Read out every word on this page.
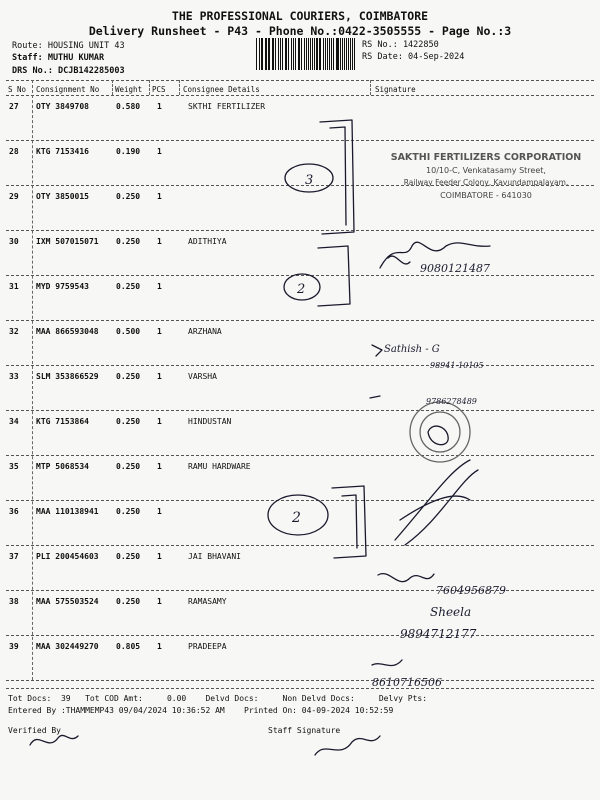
THE PROFESSIONAL COURIERS, COIMBATORE
Delivery Runsheet - P43 - Phone No.:0422-3505555 - Page No.:3
Route: HOUSING UNIT 43
Staff: MUTHU KUMAR
DRS No.: DCJB142285003
RS No.: 1422850
RS Date: 04-Sep-2024
S No Consignment No Weight PCS Consignee Details	Signature
27 OTY 3849708	0.580 1	SKTHI FERTILIZER
28 KTG 7153416	0.190 1
29 OTY 3850015	0.250 1
30 IXM 507015071 0.250 1	ADITHIYA
31 MYD 9759543	0.250 1
32 MAA 866593048 0.500 1	ARZHANA
33 SLM 353866529 0.250 1	VARSHA
34 KTG 7153864	0.250 1	HINDUSTAN
35 MTP 5068534	0.250 1	RAMU HARDWARE
36 MAA 110138941 0.250 1
37 PLI 200454603 0.250 1	JAI BHAVANI
38 MAA 575503524 0.250 1	RAMASAMY
39 MAA 302449270 0.805 1	PRADEEPA
SAKTHI FERTILIZERS CORPORATION
10/10-C, Venkatasamy Street,
Railway Feeder Colony, Kavundampalayam,
COIMBATORE - 641030
3
2
2
9080121487
Sathish - G
98941-10105
9786278489
7604956879
Sheela
9894712177
8610716506
Tot Docs:  39   Tot COD Amt:     0.00    Delvd Docs:     Non Delvd Docs:     Delvy Pts:
Entered By :THAMMEMP43 09/04/2024 10:36:52 AM    Printed On: 04-09-2024 10:52:59
Verified By	Staff Signature
